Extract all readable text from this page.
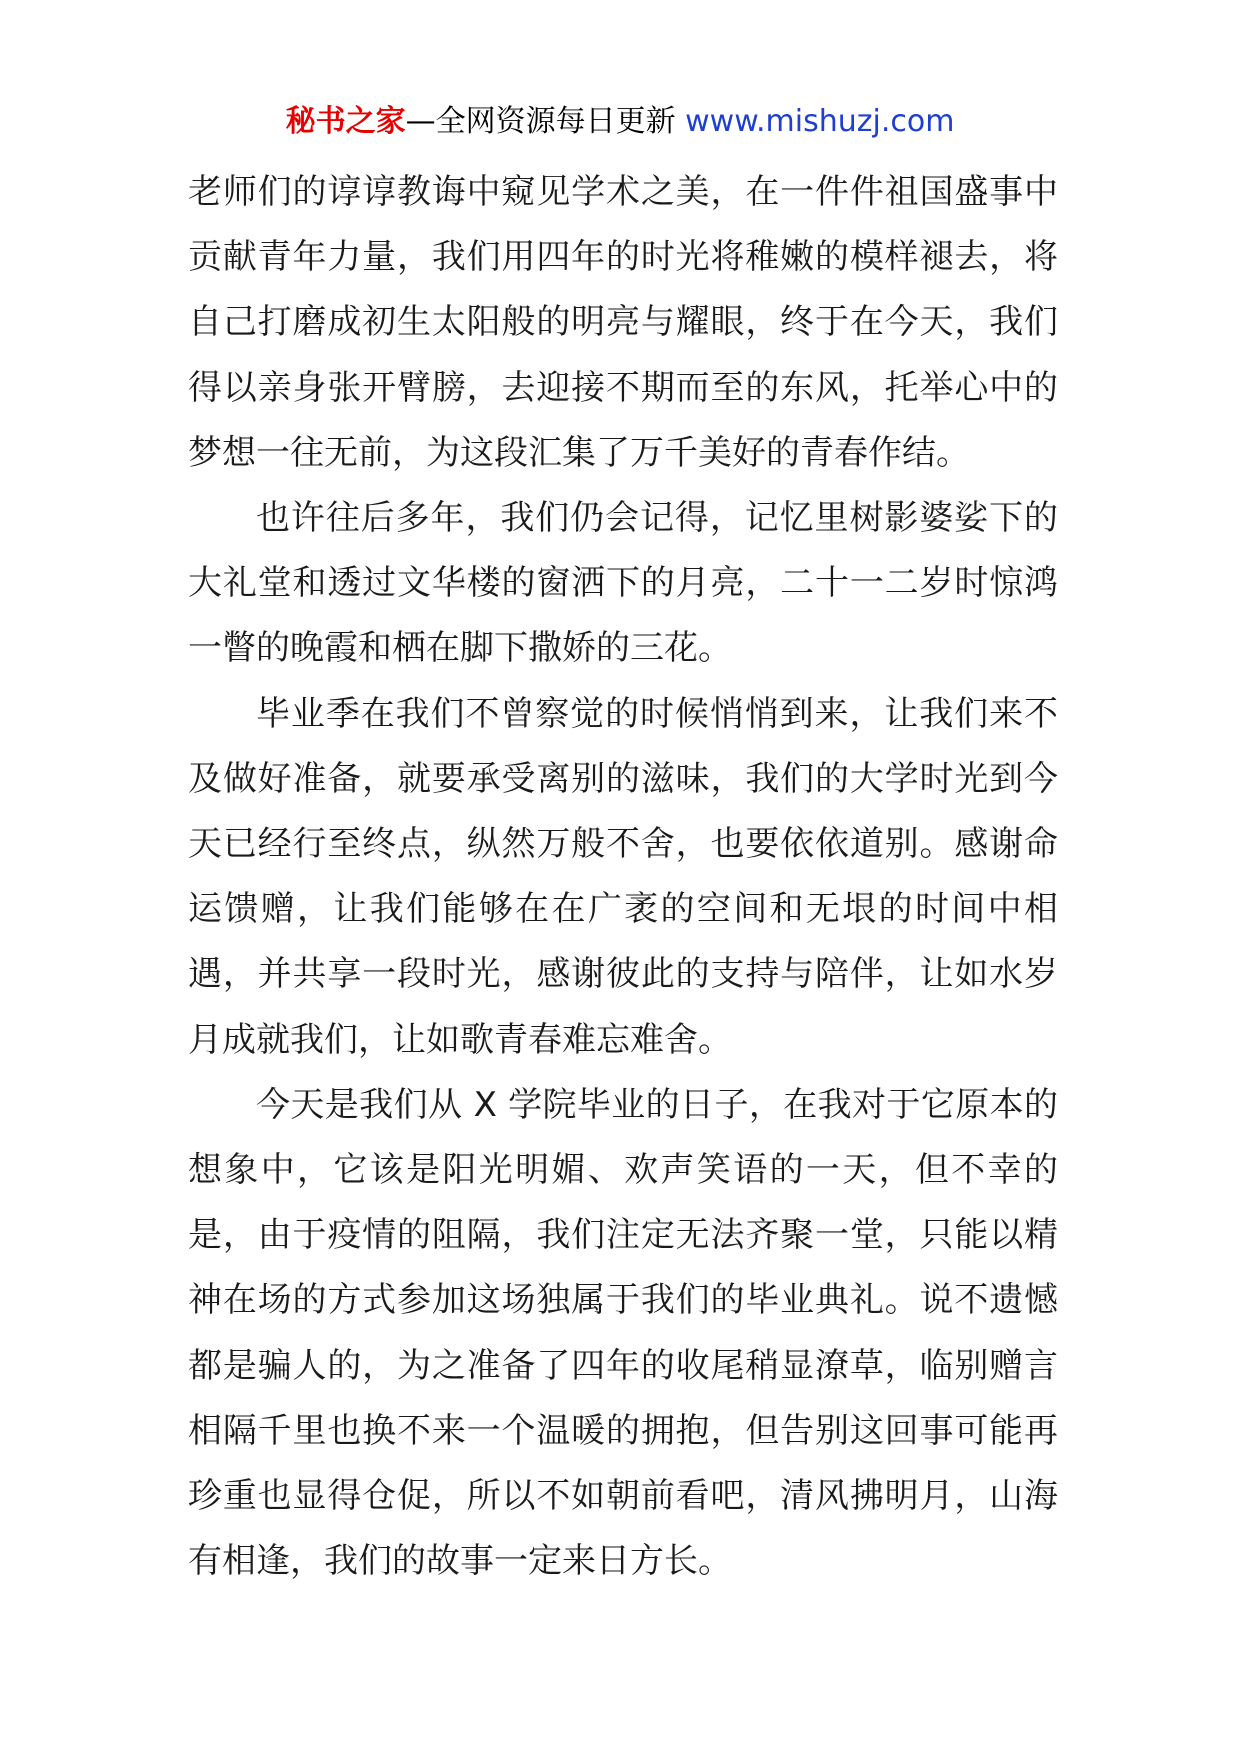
秘书之家—全网资源每日更新 www.mishuzj.com

老师们的谆谆教诲中窥见学术之美，在一件件祖国盛事中贡献青年力量，我们用四年的时光将稚嫩的模样褪去，将自己打磨成初生太阳般的明亮与耀眼，终于在今天，我们得以亲身张开臂膀，去迎接不期而至的东风，托举心中的梦想一往无前，为这段汇集了万千美好的青春作结。

也许往后多年，我们仍会记得，记忆里树影婆娑下的大礼堂和透过文华楼的窗洒下的月亮，二十一二岁时惊鸿一瞥的晚霞和栖在脚下撒娇的三花。

毕业季在我们不曾察觉的时候悄悄到来，让我们来不及做好准备，就要承受离别的滋味，我们的大学时光到今天已经行至终点，纵然万般不舍，也要依依道别。感谢命运馈赠，让我们能够在在广袤的空间和无垠的时间中相遇，并共享一段时光，感谢彼此的支持与陪伴，让如水岁月成就我们，让如歌青春难忘难舍。

今天是我们从 X 学院毕业的日子，在我对于它原本的想象中，它该是阳光明媚、欢声笑语的一天，但不幸的是，由于疫情的阻隔，我们注定无法齐聚一堂，只能以精神在场的方式参加这场独属于我们的毕业典礼。说不遗憾都是骗人的，为之准备了四年的收尾稍显潦草，临别赠言相隔千里也换不来一个温暖的拥抱，但告别这回事可能再珍重也显得仓促，所以不如朝前看吧，清风拂明月，山海有相逢，我们的故事一定来日方长。
